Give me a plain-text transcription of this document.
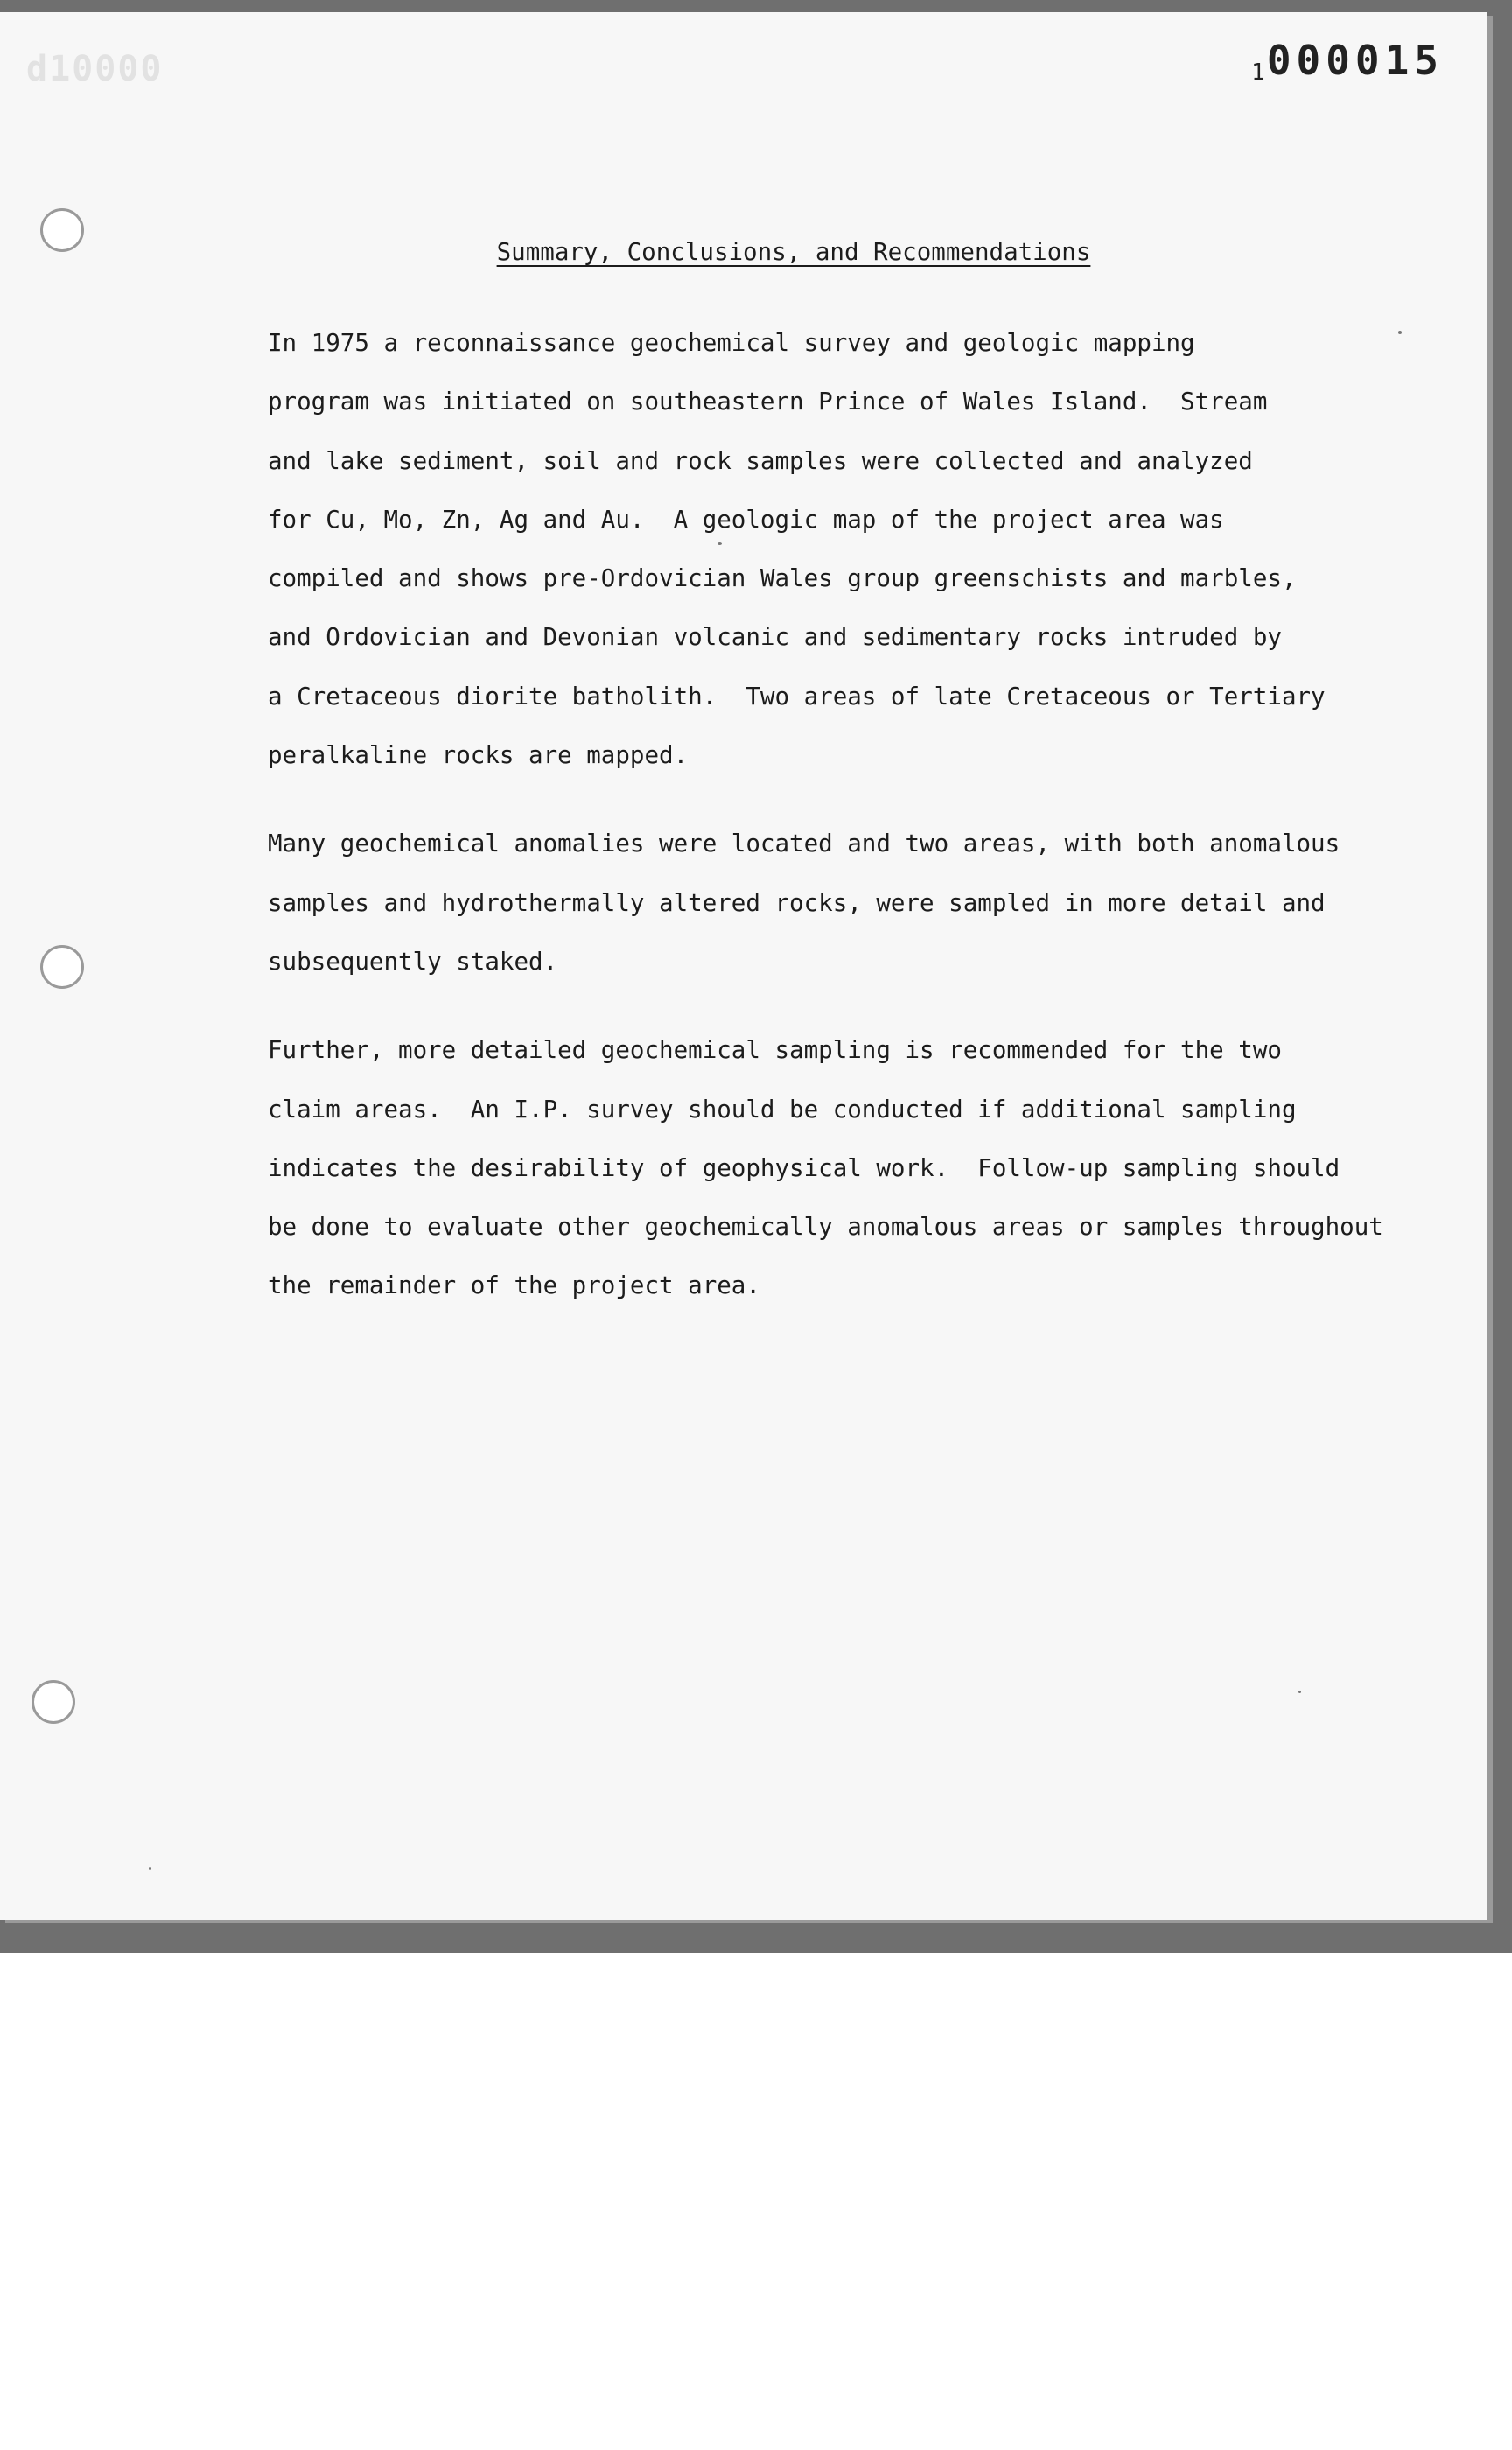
d10000	1000015
Summary, Conclusions, and Recommendations
In 1975 a reconnaissance geochemical survey and geologic mapping
program was initiated on southeastern Prince of Wales Island.  Stream
and lake sediment, soil and rock samples were collected and analyzed
for Cu, Mo, Zn, Ag and Au.  A geologic map of the project area was
compiled and shows pre-Ordovician Wales group greenschists and marbles,
and Ordovician and Devonian volcanic and sedimentary rocks intruded by
a Cretaceous diorite batholith.  Two areas of late Cretaceous or Tertiary
peralkaline rocks are mapped.
Many geochemical anomalies were located and two areas, with both anomalous
samples and hydrothermally altered rocks, were sampled in more detail and
subsequently staked.
Further, more detailed geochemical sampling is recommended for the two
claim areas.  An I.P. survey should be conducted if additional sampling
indicates the desirability of geophysical work.  Follow-up sampling should
be done to evaluate other geochemically anomalous areas or samples throughout
the remainder of the project area.
